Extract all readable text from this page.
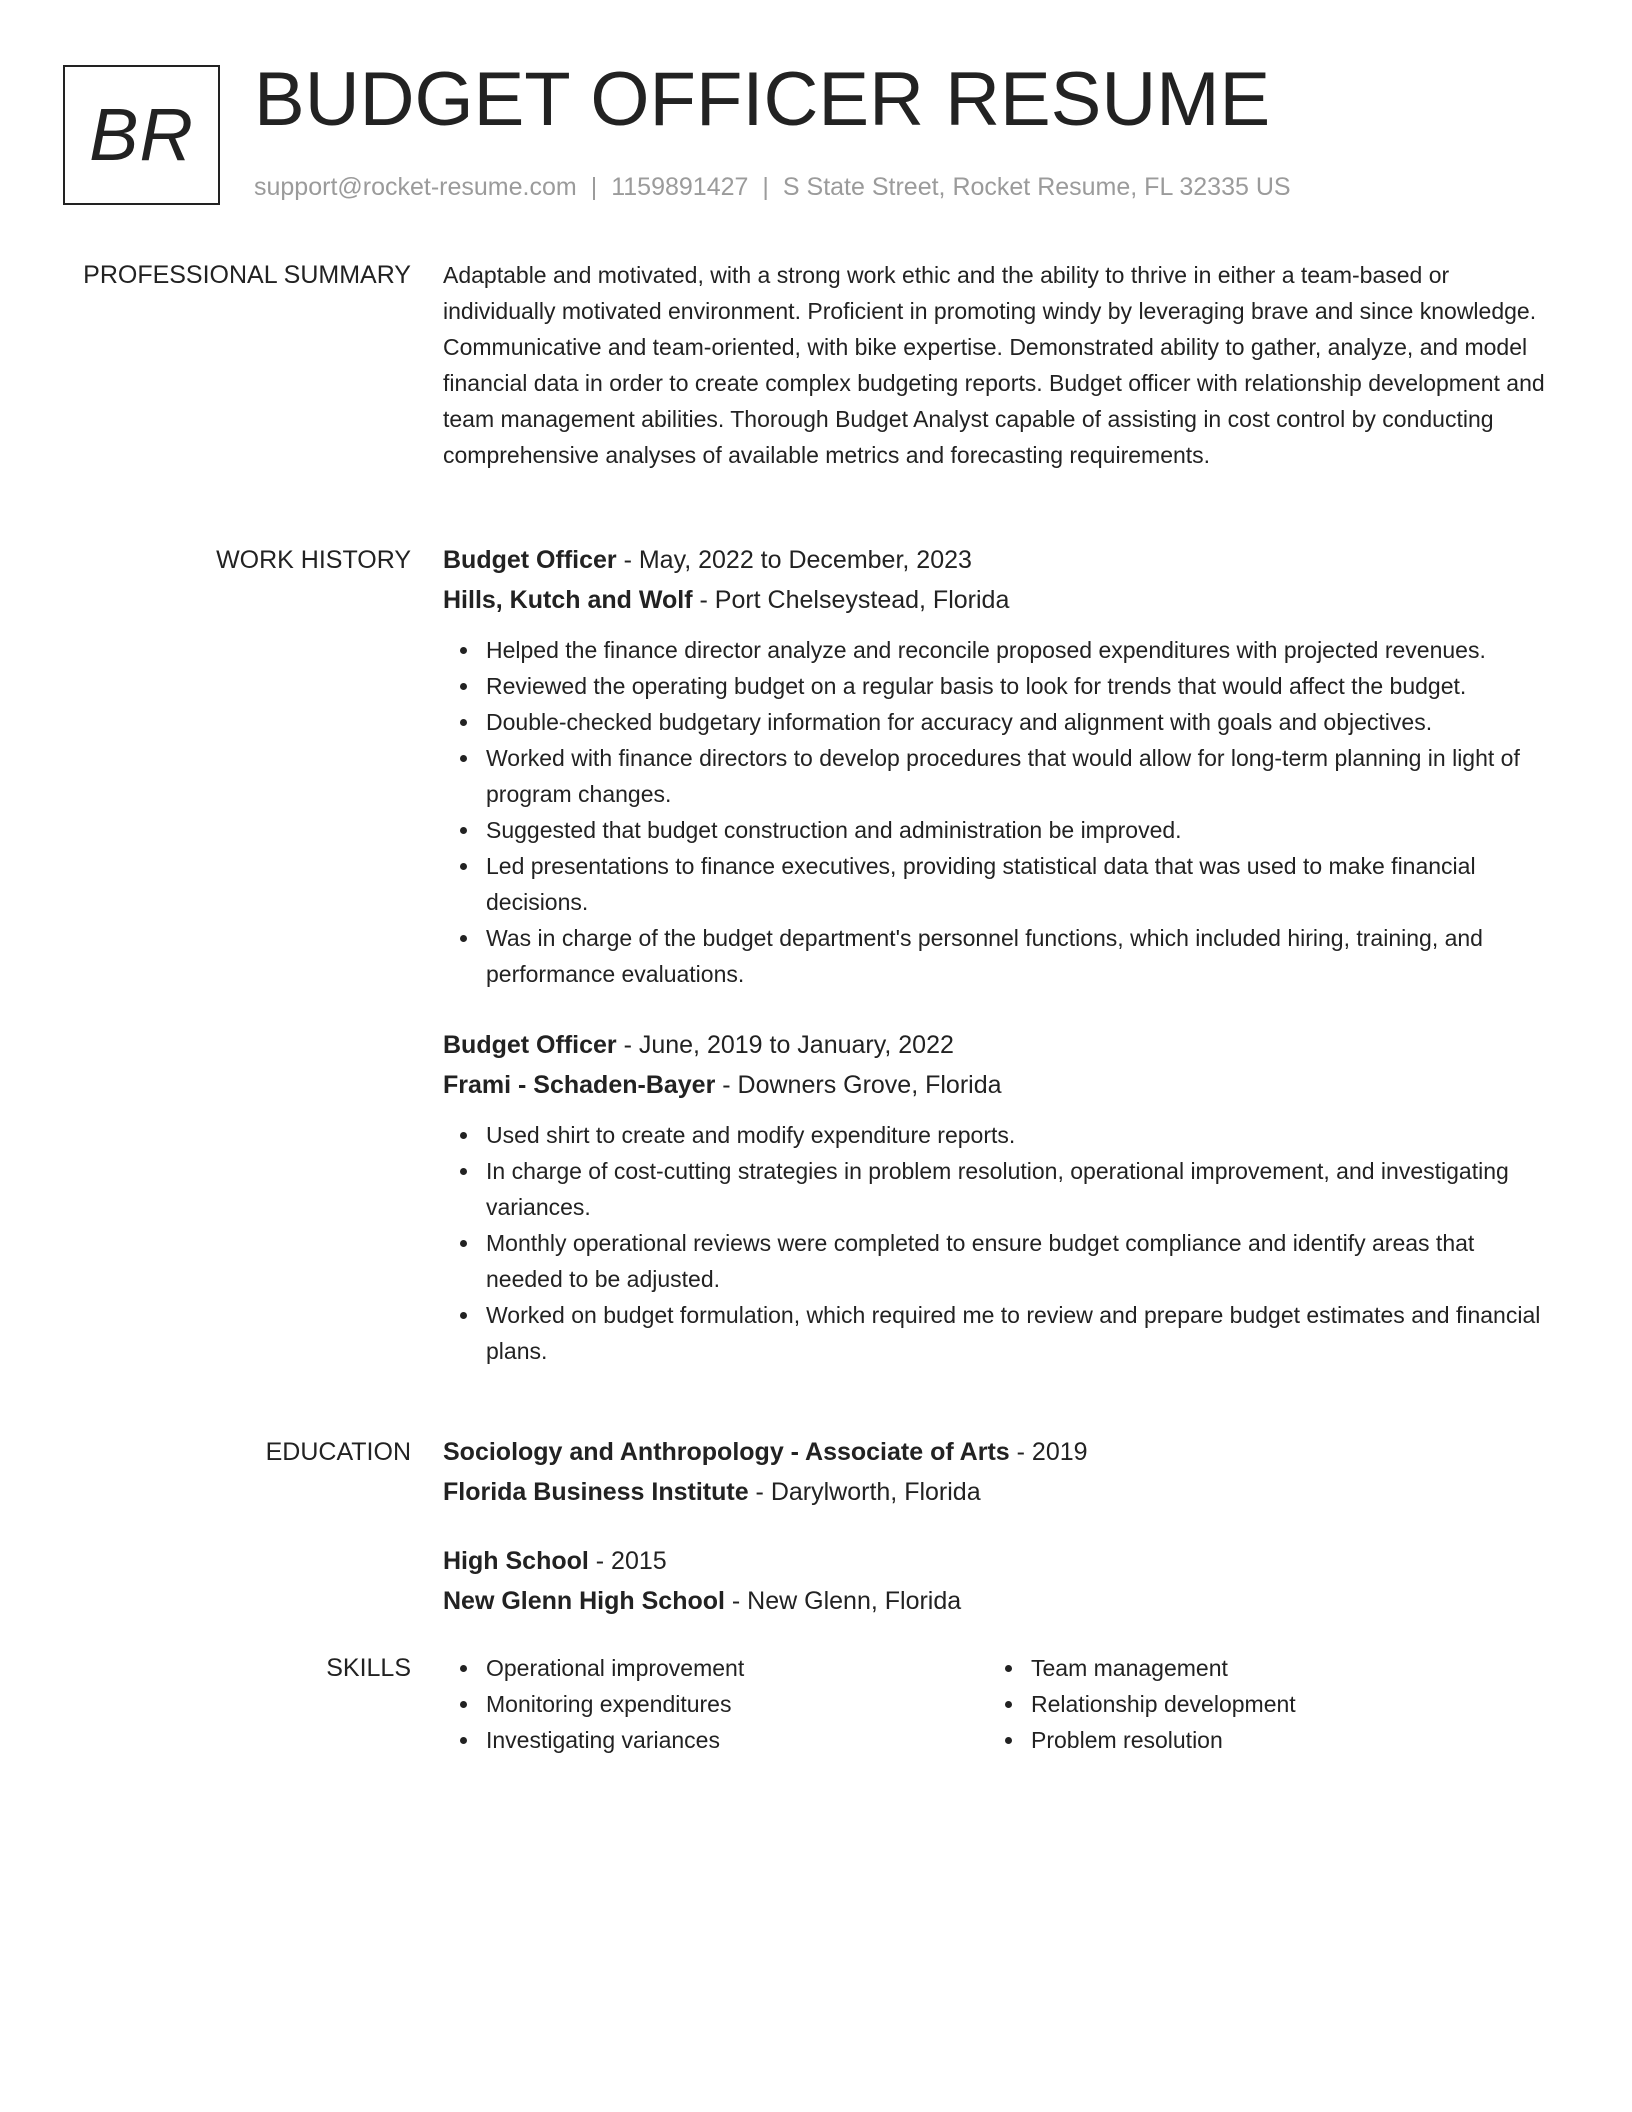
BR BUDGET OFFICER RESUME
support@rocket-resume.com | 1159891427 | S State Street, Rocket Resume, FL 32335 US
PROFESSIONAL SUMMARY Adaptable and motivated, with a strong work ethic and the ability to thrive in either a team-based or individually motivated environment. Proficient in promoting windy by leveraging brave and since knowledge. Communicative and team-oriented, with bike expertise. Demonstrated ability to gather, analyze, and model financial data in order to create complex budgeting reports. Budget officer with relationship development and team management abilities. Thorough Budget Analyst capable of assisting in cost control by conducting comprehensive analyses of available metrics and forecasting requirements.

WORK HISTORY Budget Officer - May, 2022 to December, 2023

Hills, Kutch and Wolf - Port Chelseystead, Florida

Helped the finance director analyze and reconcile proposed expenditures with projected revenues.
Reviewed the operating budget on a regular basis to look for trends that would affect the budget.
Double-checked budgetary information for accuracy and alignment with goals and objectives.
Worked with finance directors to develop procedures that would allow for long-term planning in light of program changes.
Suggested that budget construction and administration be improved.
Led presentations to finance executives, providing statistical data that was used to make financial decisions.
Was in charge of the budget department's personnel functions, which included hiring, training, and performance evaluations.

Budget Officer - June, 2019 to January, 2022

Frami - Schaden-Bayer - Downers Grove, Florida

Used shirt to create and modify expenditure reports.
In charge of cost-cutting strategies in problem resolution, operational improvement, and investigating variances.
Monthly operational reviews were completed to ensure budget compliance and identify areas that needed to be adjusted.
Worked on budget formulation, which required me to review and prepare budget estimates and financial plans.
EDUCATION Sociology and Anthropology - Associate of Arts - 2019

Florida Business Institute - Darylworth, Florida

High School - 2015

New Glenn High School - New Glenn, Florida

SKILLS	Operational improvement
Monitoring expenditures
Investigating variances
Team management
Relationship development
Problem resolution
